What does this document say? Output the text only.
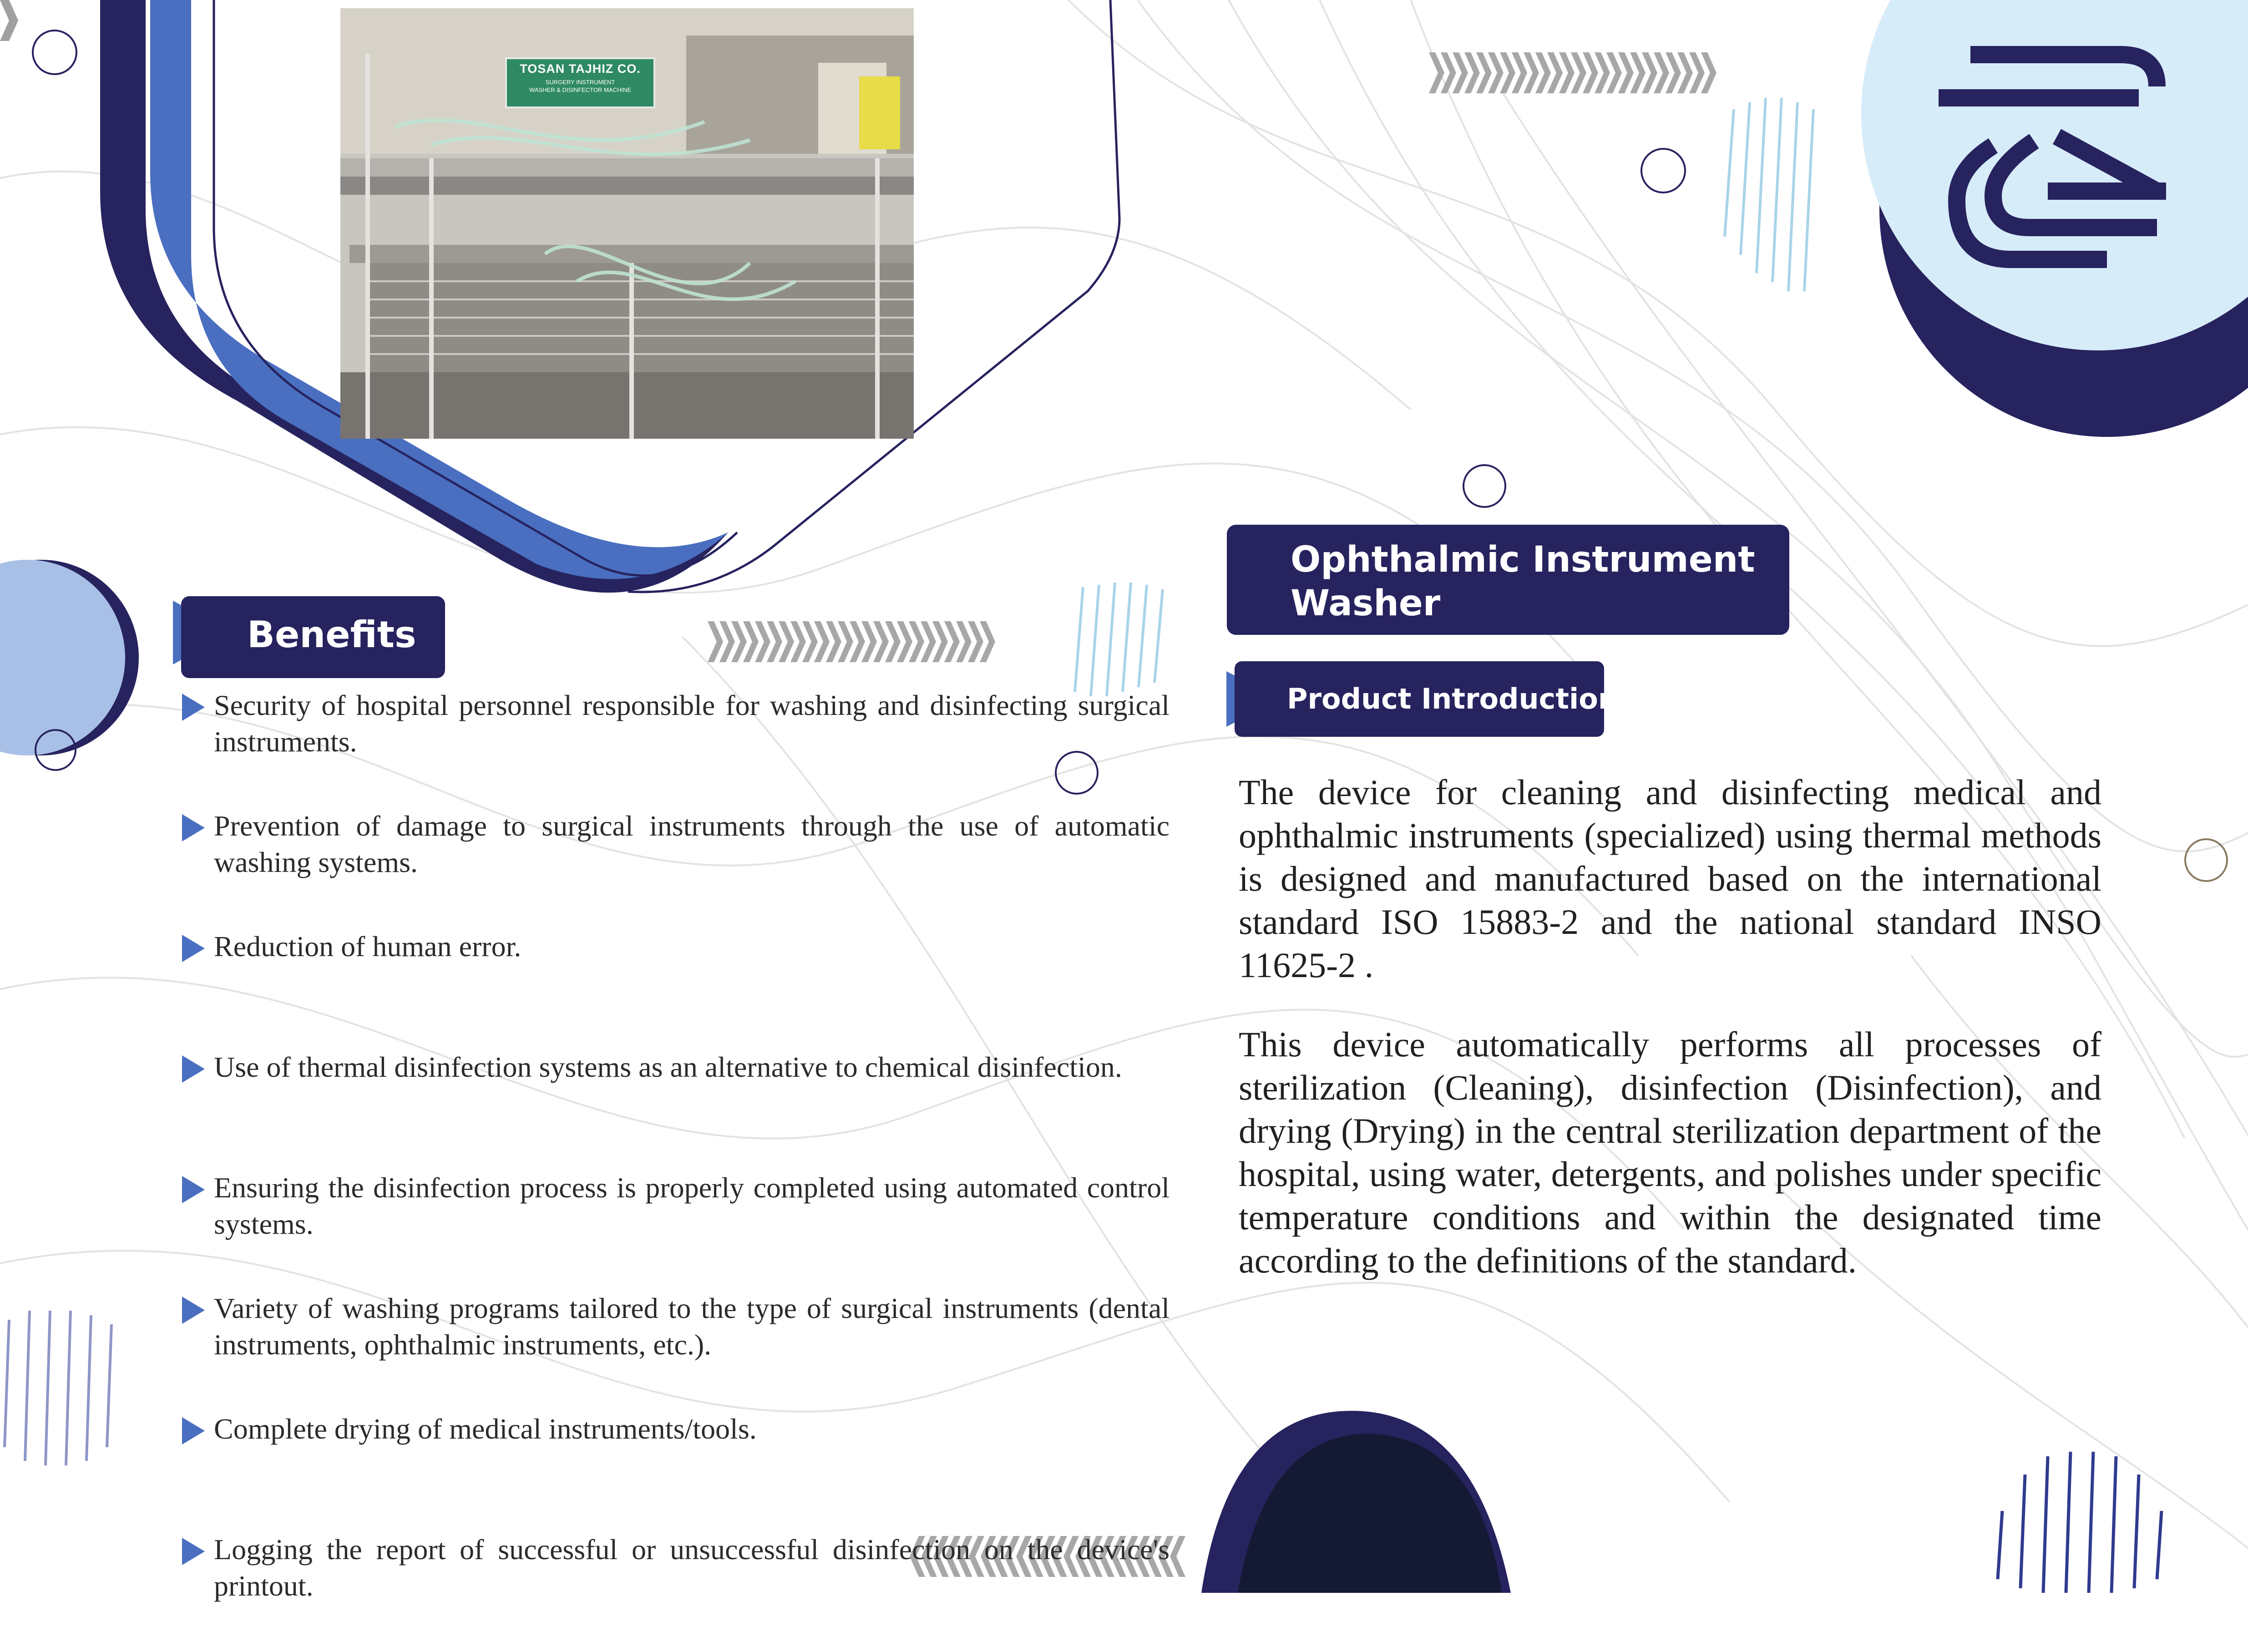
TOSAN TAJHIZ CO.
SURGERY INSTRUMENT
WASHER & DISINFECTOR MACHINE
Ophthalmic Instrument
Washer
Product Introduction

The device for cleaning and disinfecting medical and ophthalmic instruments (specialized) using thermal methods is designed and manufactured based on the international standard ISO 15883-2 and the national standard INSO 11625-2 .

This device automatically performs all processes of sterilization (Cleaning), disinfection (Disinfection), and drying (Drying) in the central sterilization department of the hospital, using water, detergents, and polishes under specific temperature conditions and within the designated time according to the definitions of the standard.

Benefits
Security of hospital personnel responsible for washing and disinfecting surgical instruments.
Prevention of damage to surgical instruments through the use of automatic washing systems.
Reduction of human error.
Use of thermal disinfection systems as an alternative to chemical disinfection.
Ensuring the disinfection process is properly completed using automated control systems.
Variety of washing programs tailored to the type of surgical instruments (dental instruments, ophthalmic instruments, etc.).
Complete drying of medical instruments/tools.
Logging the report of successful or unsuccessful disinfection on the device's printout.
